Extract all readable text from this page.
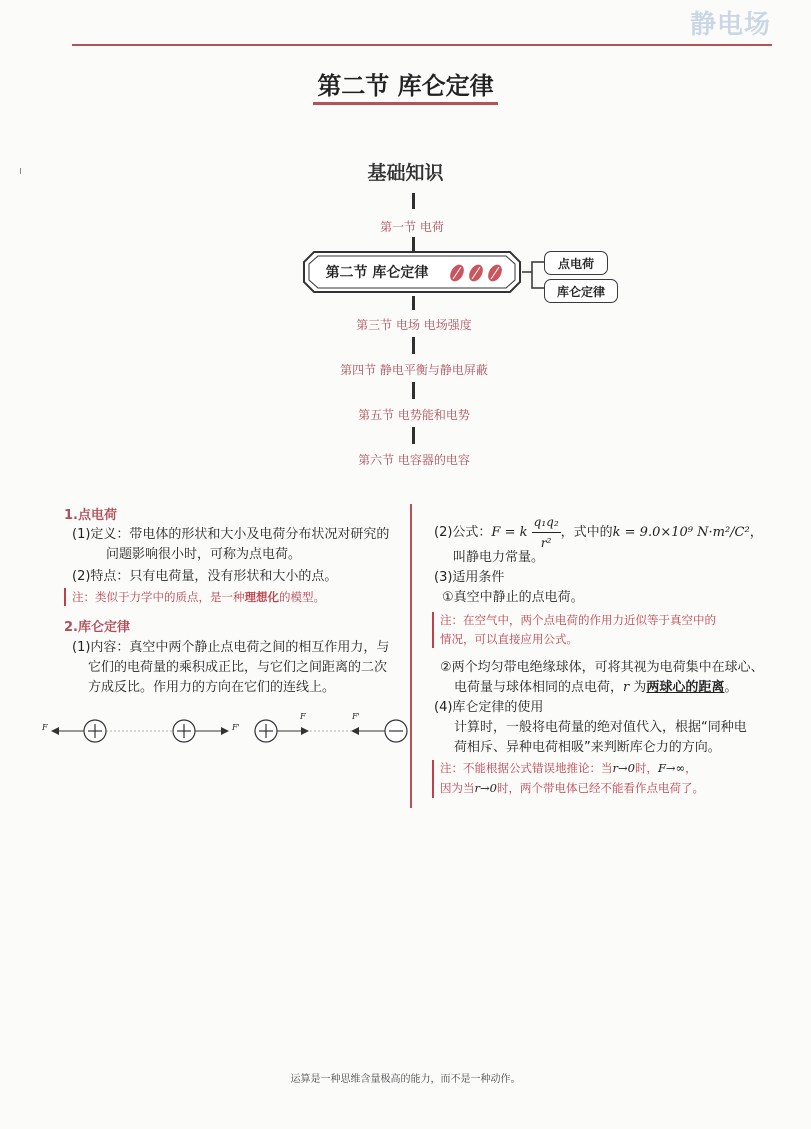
静电场
第二节 库仑定律
基础知识
第一节 电荷
第二节 库仑定律
点电荷
库仑定律
第三节 电场 电场强度
第四节 静电平衡与静电屏蔽
第五节 电势能和电势
第六节 电容器的电容
1.点电荷
(1)定义：带电体的形状和大小及电荷分布状况对研究的
问题影响很小时，可称为点电荷。
(2)特点：只有电荷量，没有形状和大小的点。
注：类似于力学中的质点，是一种理想化的模型。
2.库仑定律
(1)内容：真空中两个静止点电荷之间的相互作用力，与
它们的电荷量的乘积成正比，与它们之间距离的二次
方成反比。作用力的方向在它们的连线上。
F	F'
F	F'
(2)公式：F = k $\frac{\text{q₁q₂}}{\text{r²}}$ ，式中的k = 9.0×10⁹ N·m²/C²，
叫静电力常量。
(3)适用条件
①真空中静止的点电荷。
注：在空气中，两个点电荷的作用力近似等于真空中的
情况，可以直接应用公式。
②两个均匀带电绝缘球体，可将其视为电荷集中在球心、
电荷量与球体相同的点电荷，r 为两球心的距离。
(4)库仑定律的使用
计算时，一般将电荷量的绝对值代入，根据“同种电
荷相斥、异种电荷相吸”来判断库仑力的方向。
注：不能根据公式错误地推论：当r→0时，F→∞，
因为当r→0时，两个带电体已经不能看作点电荷了。
运算是一种思维含量极高的能力，而不是一种动作。
